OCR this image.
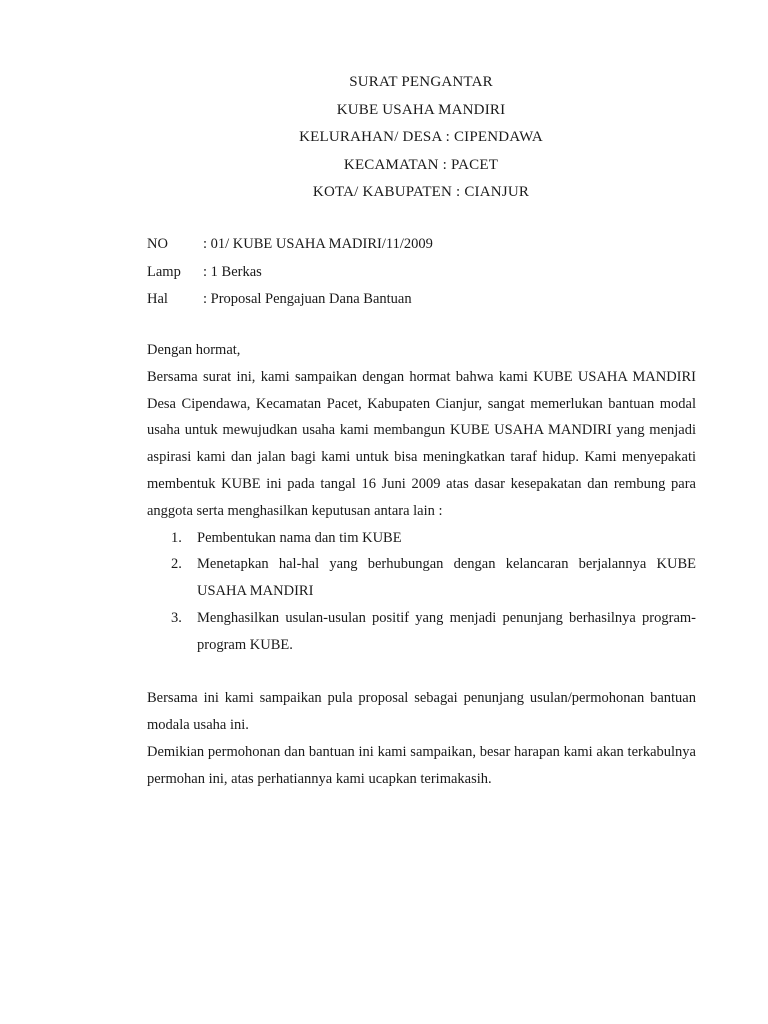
SURAT PENGANTAR
KUBE USAHA MANDIRI
KELURAHAN/ DESA : CIPENDAWA
KECAMATAN : PACET
KOTA/ KABUPATEN : CIANJUR
NO	: 01/ KUBE USAHA MADIRI/11/2009
Lamp	: 1 Berkas
Hal	: Proposal Pengajuan Dana Bantuan
Dengan hormat,
Bersama surat ini, kami sampaikan dengan hormat bahwa kami KUBE USAHA MANDIRI Desa Cipendawa, Kecamatan Pacet, Kabupaten Cianjur, sangat memerlukan bantuan modal usaha untuk mewujudkan usaha kami membangun KUBE USAHA MANDIRI yang menjadi aspirasi kami dan jalan bagi kami untuk bisa meningkatkan taraf hidup. Kami menyepakati membentuk KUBE ini pada tangal 16 Juni 2009 atas dasar kesepakatan dan rembung para anggota serta menghasilkan keputusan antara lain :
1.	Pembentukan nama dan tim KUBE
2.	Menetapkan hal-hal yang berhubungan dengan kelancaran berjalannya KUBE USAHA MANDIRI
3.	Menghasilkan usulan-usulan positif yang menjadi penunjang berhasilnya program-program KUBE.
Bersama ini kami sampaikan pula proposal sebagai penunjang usulan/permohonan bantuan modala usaha ini.
Demikian permohonan dan bantuan ini kami sampaikan, besar harapan kami akan terkabulnya permohan ini, atas perhatiannya kami ucapkan terimakasih.
